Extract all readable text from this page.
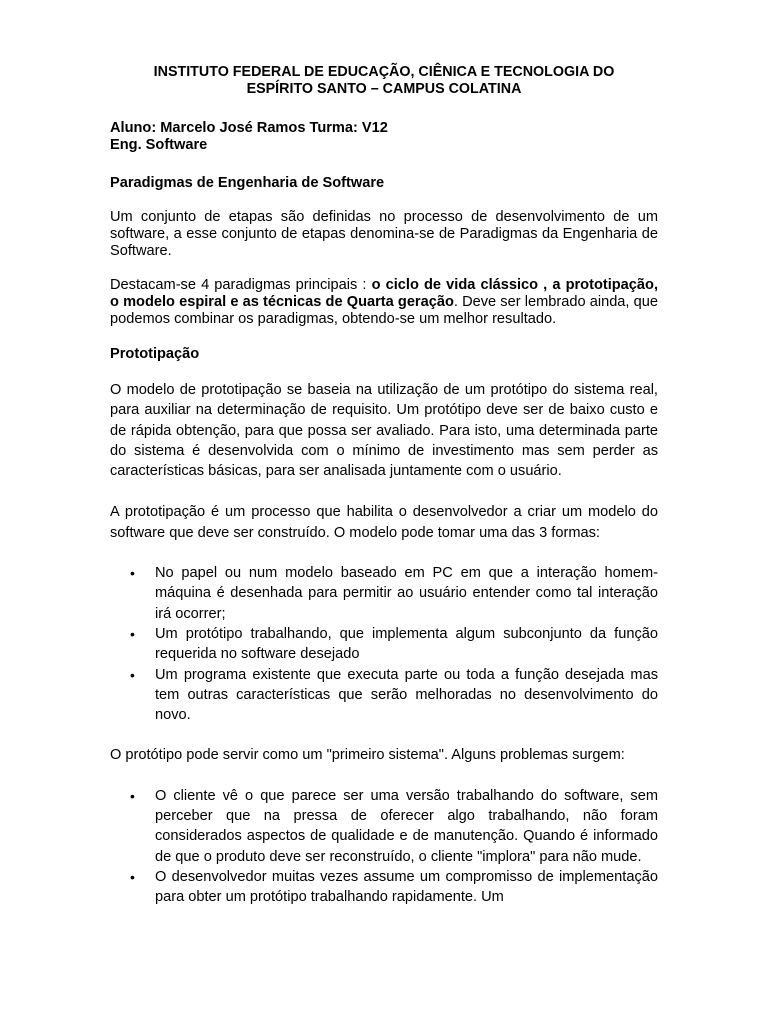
INSTITUTO FEDERAL DE EDUCAÇÃO, CIÊNICA E TECNOLOGIA DO

ESPÍRITO SANTO – CAMPUS COLATINA

Aluno: Marcelo José Ramos Turma: V12
Eng. Software
Paradigmas de Engenharia de Software

Um conjunto de etapas são definidas no processo de desenvolvimento de um software, a esse conjunto de etapas denomina-se de Paradigmas da Engenharia de Software.

Destacam-se 4 paradigmas principais : o ciclo de vida clássico , a prototipação, o modelo espiral e as técnicas de Quarta geração. Deve ser lembrado ainda, que podemos combinar os paradigmas, obtendo-se um melhor resultado.

Prototipação

O modelo de prototipação se baseia na utilização de um protótipo do sistema real, para auxiliar na determinação de requisito. Um protótipo deve ser de baixo custo e de rápida obtenção, para que possa ser avaliado. Para isto, uma determinada parte do sistema é desenvolvida com o mínimo de investimento mas sem perder as características básicas, para ser analisada juntamente com o usuário.

A prototipação é um processo que habilita o desenvolvedor a criar um modelo do software que deve ser construído. O modelo pode tomar uma das 3 formas:

• No papel ou num modelo baseado em PC em que a interação homem-máquina é desenhada para permitir ao usuário entender como tal interação irá ocorrer;
• Um protótipo trabalhando, que implementa algum subconjunto da função requerida no software desejado
• Um programa existente que executa parte ou toda a função desejada mas tem outras características que serão melhoradas no desenvolvimento do novo.

O protótipo pode servir como um "primeiro sistema". Alguns problemas surgem:

• O cliente vê o que parece ser uma versão trabalhando do software, sem perceber que na pressa de oferecer algo trabalhando, não foram considerados aspectos de qualidade e de manutenção. Quando é informado de que o produto deve ser reconstruído, o cliente "implora" para não mude.
• O desenvolvedor muitas vezes assume um compromisso de implementação para obter um protótipo trabalhando rapidamente. Um
